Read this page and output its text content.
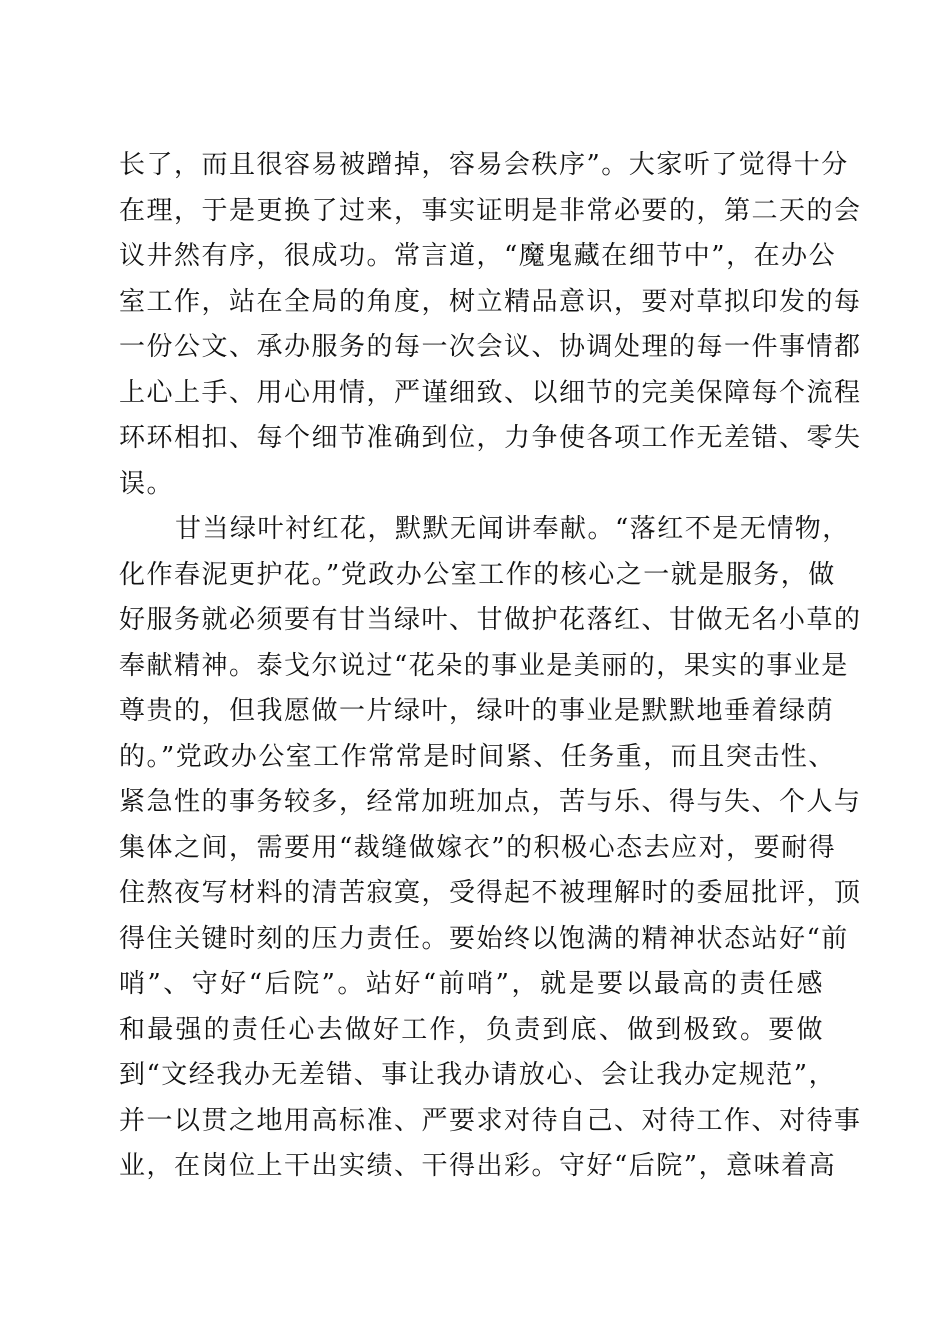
长了，而且很容易被蹭掉，容易会秩序”。大家听了觉得十分
在理，于是更换了过来，事实证明是非常必要的，第二天的会
议井然有序，很成功。常言道，“魔鬼藏在细节中”，在办公
室工作，站在全局的角度，树立精品意识，要对草拟印发的每
一份公文、承办服务的每一次会议、协调处理的每一件事情都
上心上手、用心用情，严谨细致、以细节的完美保障每个流程
环环相扣、每个细节准确到位，力争使各项工作无差错、零失
误。
甘当绿叶衬红花，默默无闻讲奉献。“落红不是无情物，
化作春泥更护花。”党政办公室工作的核心之一就是服务，做
好服务就必须要有甘当绿叶、甘做护花落红、甘做无名小草的
奉献精神。泰戈尔说过“花朵的事业是美丽的，果实的事业是
尊贵的，但我愿做一片绿叶，绿叶的事业是默默地垂着绿荫
的。”党政办公室工作常常是时间紧、任务重，而且突击性、
紧急性的事务较多，经常加班加点，苦与乐、得与失、个人与
集体之间，需要用“裁缝做嫁衣”的积极心态去应对，要耐得
住熬夜写材料的清苦寂寞，受得起不被理解时的委屈批评，顶
得住关键时刻的压力责任。要始终以饱满的精神状态站好“前
哨”、守好“后院”。站好“前哨”，就是要以最高的责任感
和最强的责任心去做好工作，负责到底、做到极致。要做
到“文经我办无差错、事让我办请放心、会让我办定规范”，
并一以贯之地用高标准、严要求对待自己、对待工作、对待事
业，在岗位上干出实绩、干得出彩。守好“后院”，意味着高
